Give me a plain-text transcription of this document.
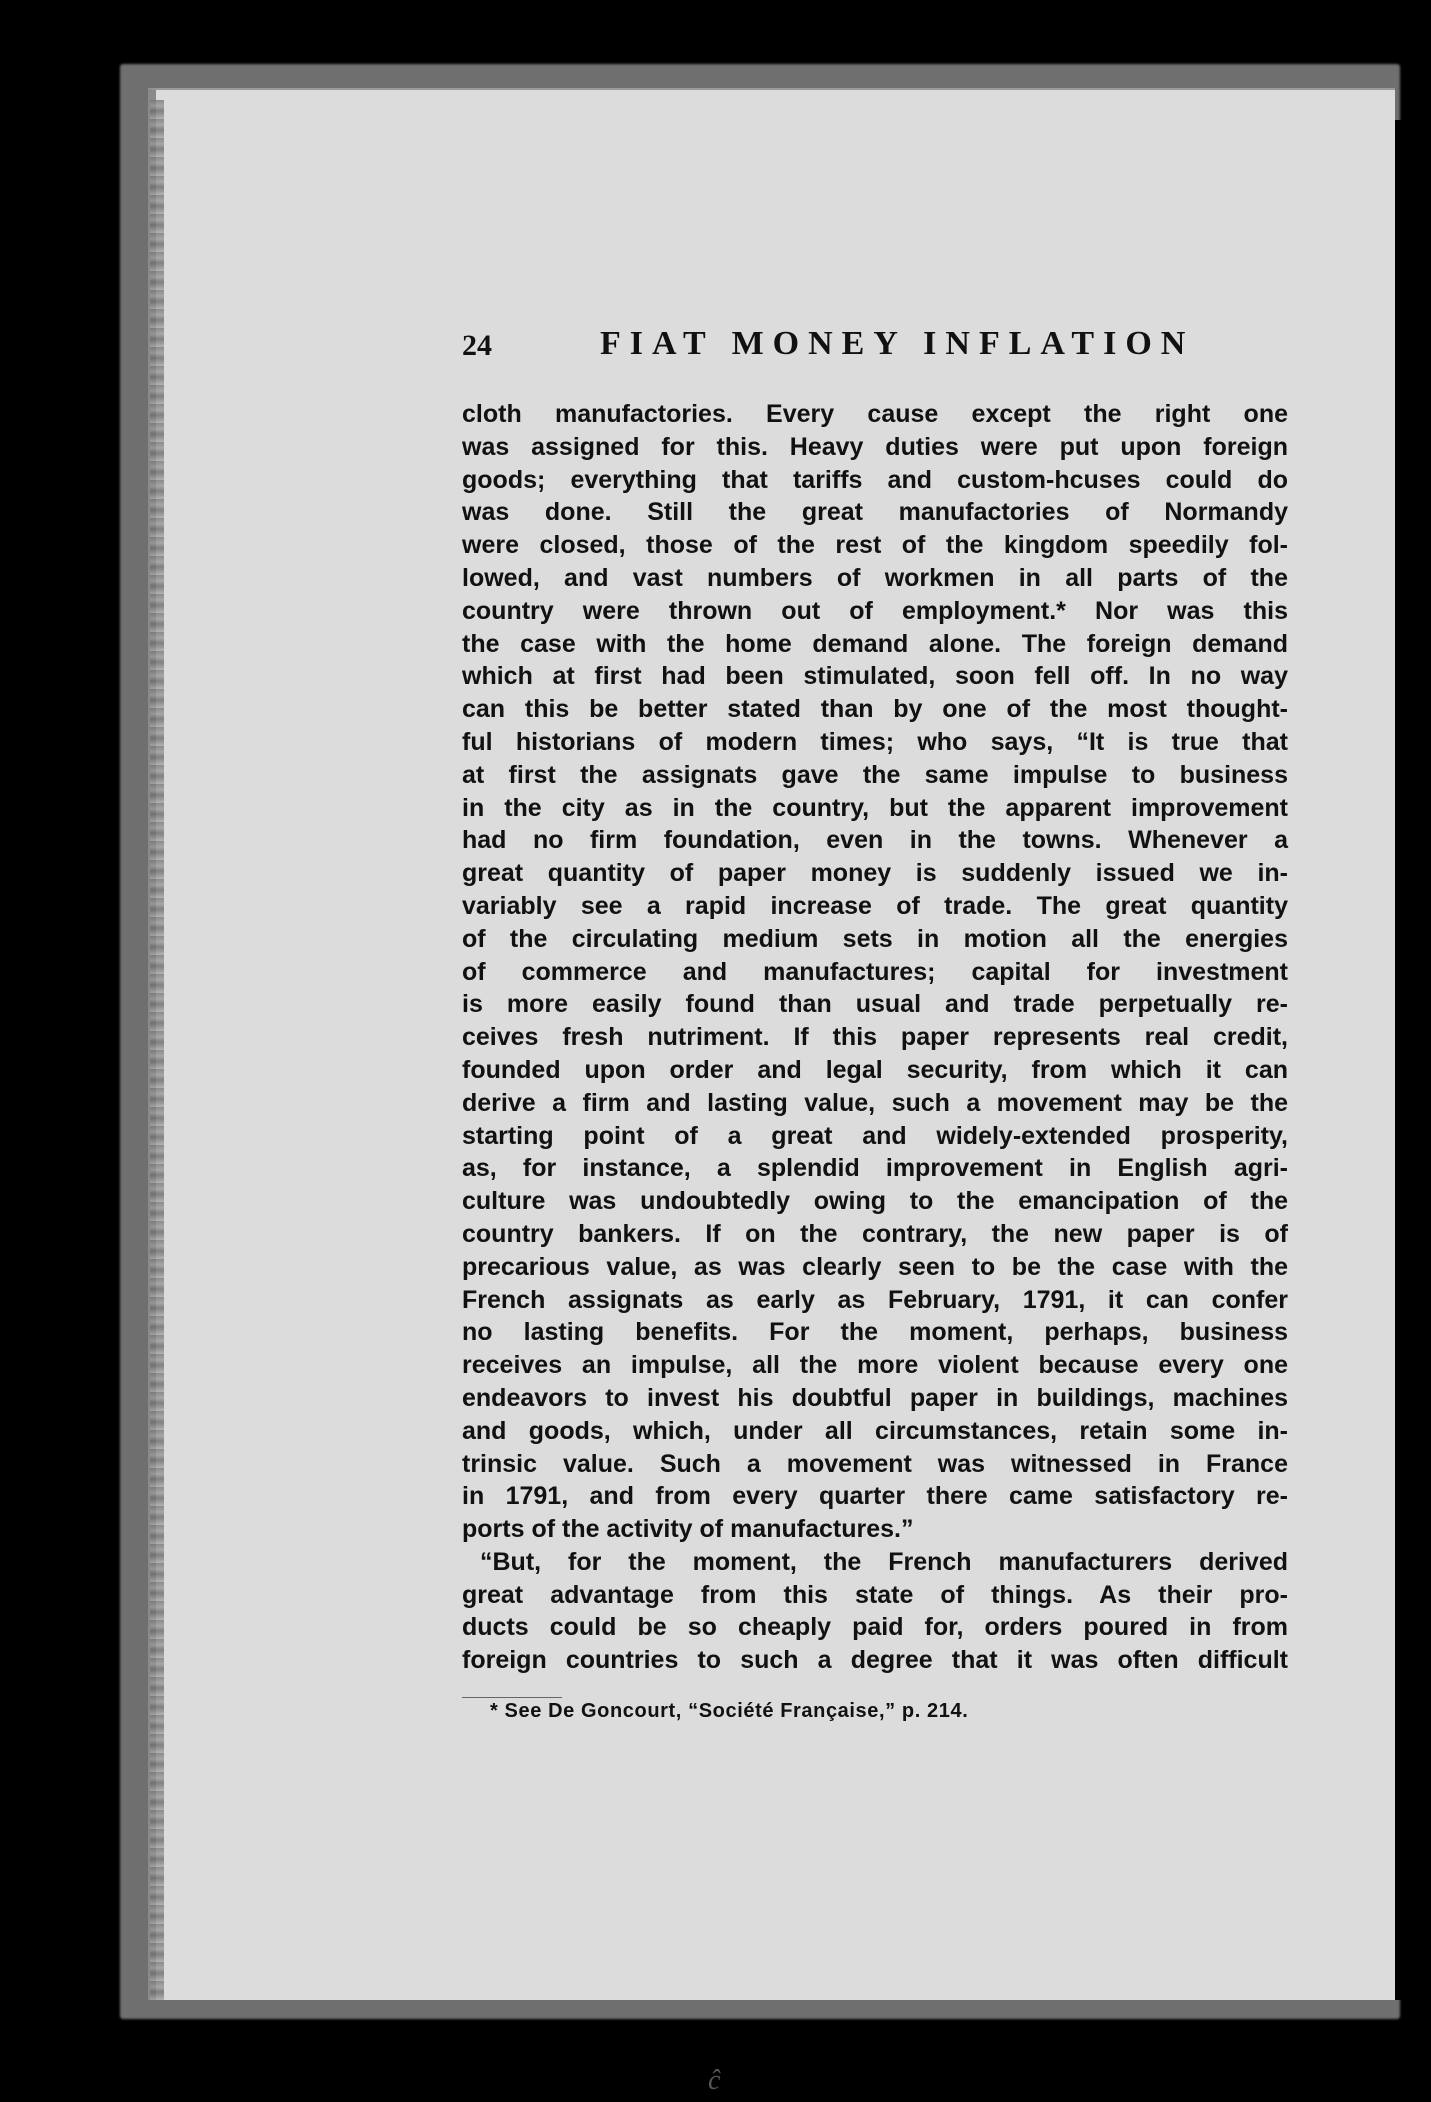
24	FIAT MONEY INFLATION
cloth manufactories. Every cause except the right one
was assigned for this. Heavy duties were put upon foreign
goods; everything that tariffs and custom-hcuses could do
was done. Still the great manufactories of Normandy
were closed, those of the rest of the kingdom speedily fol-
lowed, and vast numbers of workmen in all parts of the
country were thrown out of employment.* Nor was this
the case with the home demand alone. The foreign demand
which at first had been stimulated, soon fell off. In no way
can this be better stated than by one of the most thought-
ful historians of modern times; who says, “It is true that
at first the assignats gave the same impulse to business
in the city as in the country, but the apparent improvement
had no firm foundation, even in the towns. Whenever a
great quantity of paper money is suddenly issued we in-
variably see a rapid increase of trade. The great quantity
of the circulating medium sets in motion all the energies
of commerce and manufactures; capital for investment
is more easily found than usual and trade perpetually re-
ceives fresh nutriment. If this paper represents real credit,
founded upon order and legal security, from which it can
derive a firm and lasting value, such a movement may be the
starting point of a great and widely-extended prosperity,
as, for instance, a splendid improvement in English agri-
culture was undoubtedly owing to the emancipation of the
country bankers. If on the contrary, the new paper is of
precarious value, as was clearly seen to be the case with the
French assignats as early as February, 1791, it can confer
no lasting benefits. For the moment, perhaps, business
receives an impulse, all the more violent because every one
endeavors to invest his doubtful paper in buildings, machines
and goods, which, under all circumstances, retain some in-
trinsic value. Such a movement was witnessed in France
in 1791, and from every quarter there came satisfactory re-
ports of the activity of manufactures.”
“But, for the moment, the French manufacturers derived
great advantage from this state of things. As their pro-
ducts could be so cheaply paid for, orders poured in from
foreign countries to such a degree that it was often difficult
* See De Goncourt, “Société Française,” p. 214.
ĉ
